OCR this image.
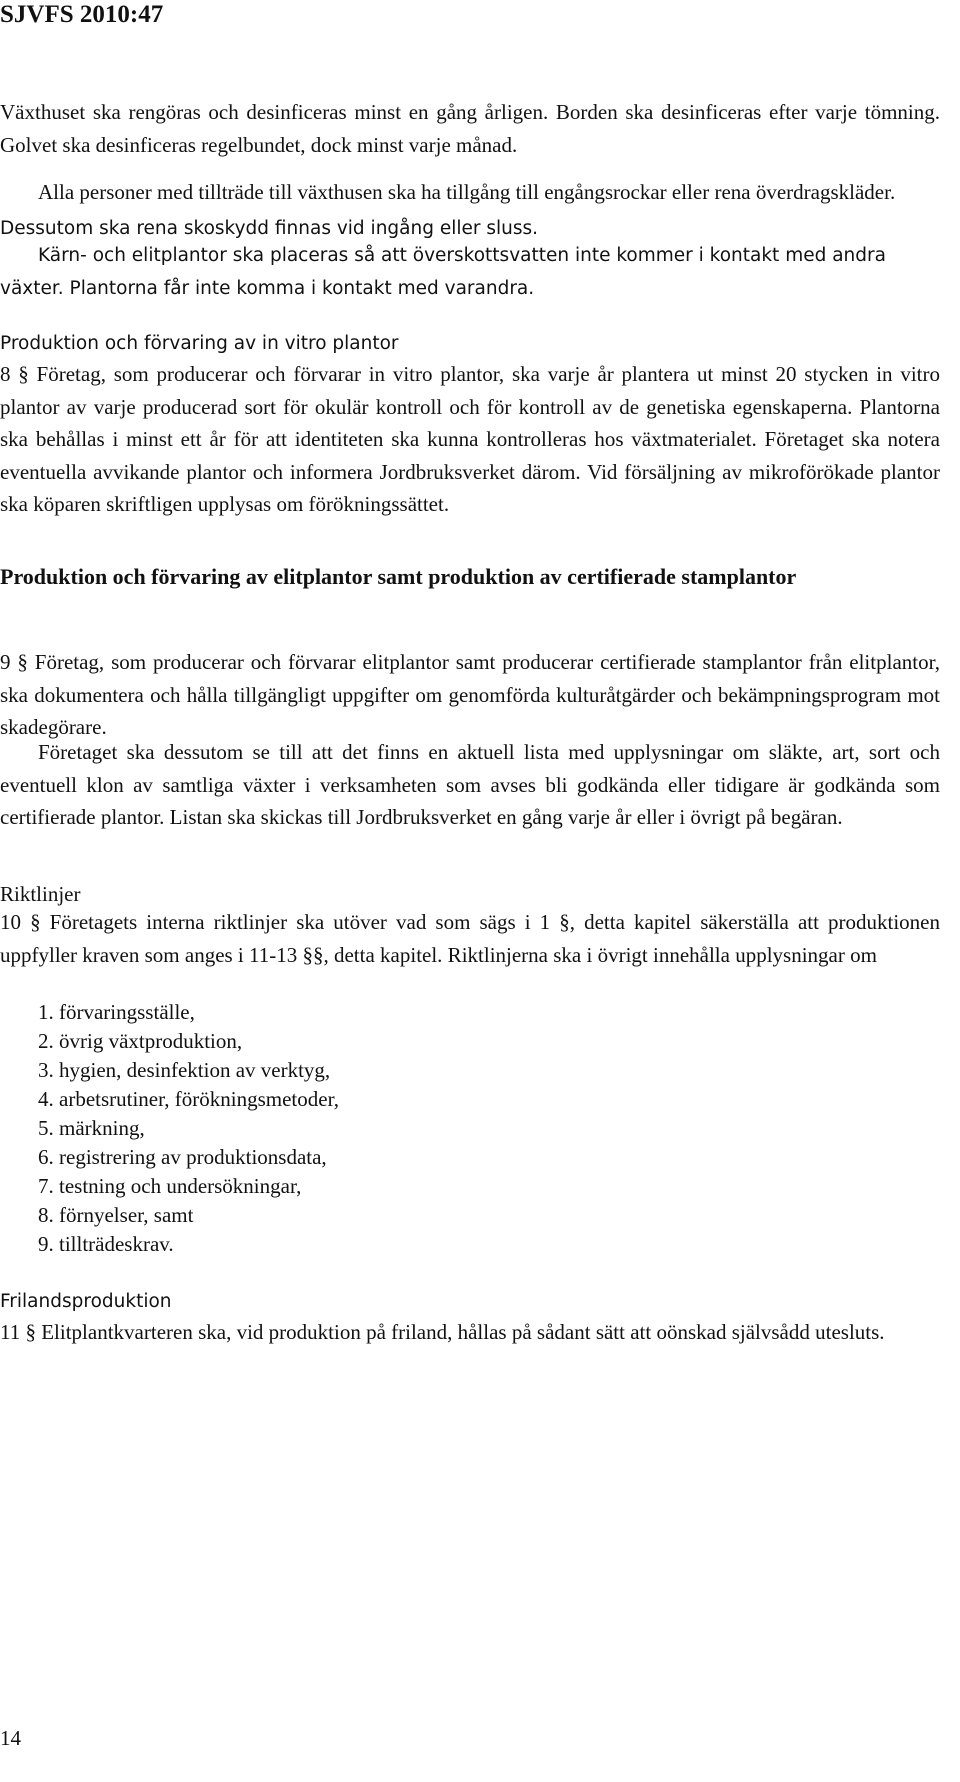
SJVFS 2010:47
Växthuset ska rengöras och desinficeras minst en gång årligen. Borden ska desinficeras efter varje tömning. Golvet ska desinficeras regelbundet, dock minst varje månad.
Alla personer med tillträde till växthusen ska ha tillgång till engångsrockar eller rena överdragskläder. Dessutom ska rena skoskydd finnas vid ingång eller sluss.
Kärn- och elitplantor ska placeras så att överskottsvatten inte kommer i kontakt med andra växter. Plantorna får inte komma i kontakt med varandra.
Produktion och förvaring av in vitro plantor
8 § Företag, som producerar och förvarar in vitro plantor, ska varje år plantera ut minst 20 stycken in vitro plantor av varje producerad sort för okulär kontroll och för kontroll av de genetiska egenskaperna. Plantorna ska behållas i minst ett år för att identiteten ska kunna kontrolleras hos växtmaterialet. Företaget ska notera eventuella avvikande plantor och informera Jordbruksverket därom. Vid försäljning av mikroförökade plantor ska köparen skriftligen upplysas om förökningssättet.
Produktion och förvaring av elitplantor samt produktion av certifierade stamplantor
9 § Företag, som producerar och förvarar elitplantor samt producerar certifierade stamplantor från elitplantor, ska dokumentera och hålla tillgängligt uppgifter om genomförda kulturåtgärder och bekämpningsprogram mot skadegörare.
Företaget ska dessutom se till att det finns en aktuell lista med upplysningar om släkte, art, sort och eventuell klon av samtliga växter i verksamheten som avses bli godkända eller tidigare är godkända som certifierade plantor. Listan ska skickas till Jordbruksverket en gång varje år eller i övrigt på begäran.
Riktlinjer
10 § Företagets interna riktlinjer ska utöver vad som sägs i 1 §, detta kapitel säkerställa att produktionen uppfyller kraven som anges i 11-13 §§, detta kapitel. Riktlinjerna ska i övrigt innehålla upplysningar om
1. förvaringsställe,
2. övrig växtproduktion,
3. hygien, desinfektion av verktyg,
4. arbetsrutiner, förökningsmetoder,
5. märkning,
6. registrering av produktionsdata,
7. testning och undersökningar,
8. förnyelser, samt
9. tillträdeskrav.
Frilandsproduktion
11 § Elitplantkvarteren ska, vid produktion på friland, hållas på sådant sätt att oönskad självsådd utesluts.
14
